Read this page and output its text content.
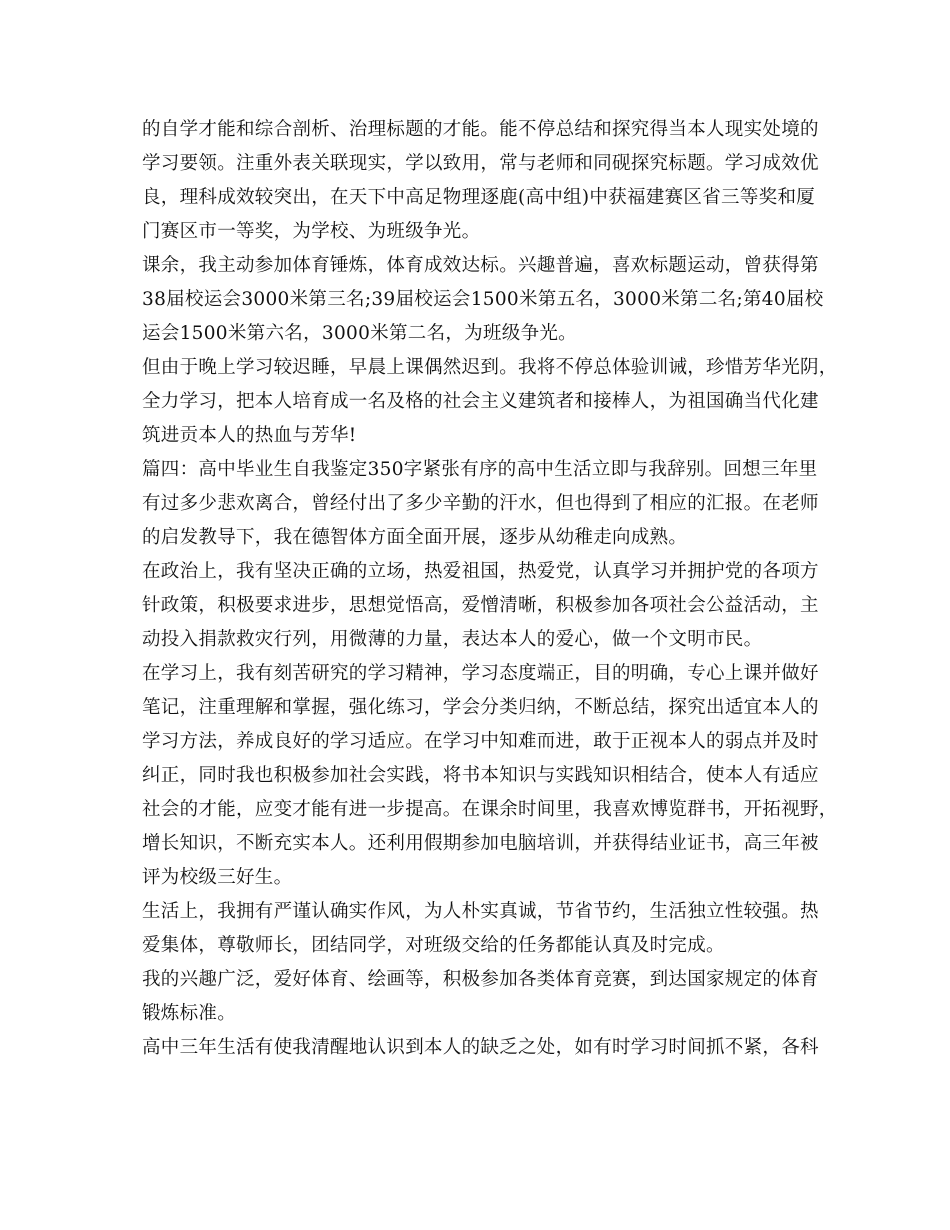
的自学才能和综合剖析、治理标题的才能。能不停总结和探究得当本人现实处境的
学习要领。注重外表关联现实，学以致用，常与老师和同砚探究标题。学习成效优
良，理科成效较突出，在天下中高足物理逐鹿(高中组)中获福建赛区省三等奖和厦
门赛区市一等奖，为学校、为班级争光。
课余，我主动参加体育锤炼，体育成效达标。兴趣普遍，喜欢标题运动，曾获得第
38届校运会3000米第三名;39届校运会1500米第五名，3000米第二名;第40届校
运会1500米第六名，3000米第二名，为班级争光。
但由于晚上学习较迟睡，早晨上课偶然迟到。我将不停总体验训诫，珍惜芳华光阴，
全力学习，把本人培育成一名及格的社会主义建筑者和接棒人，为祖国确当代化建
筑进贡本人的热血与芳华!
篇四：高中毕业生自我鉴定350字紧张有序的高中生活立即与我辞别。回想三年里
有过多少悲欢离合，曾经付出了多少辛勤的汗水，但也得到了相应的汇报。在老师
的启发教导下，我在德智体方面全面开展，逐步从幼稚走向成熟。
在政治上，我有坚决正确的立场，热爱祖国，热爱党，认真学习并拥护党的各项方
针政策，积极要求进步，思想觉悟高，爱憎清晰，积极参加各项社会公益活动，主
动投入捐款救灾行列，用微薄的力量，表达本人的爱心，做一个文明市民。
在学习上，我有刻苦研究的学习精神，学习态度端正，目的明确，专心上课并做好
笔记，注重理解和掌握，强化练习，学会分类归纳，不断总结，探究出适宜本人的
学习方法，养成良好的学习适应。在学习中知难而进，敢于正视本人的弱点并及时
纠正，同时我也积极参加社会实践，将书本知识与实践知识相结合，使本人有适应
社会的才能，应变才能有进一步提高。在课余时间里，我喜欢博览群书，开拓视野，
增长知识，不断充实本人。还利用假期参加电脑培训，并获得结业证书，高三年被
评为校级三好生。
生活上，我拥有严谨认确实作风，为人朴实真诚，节省节约，生活独立性较强。热
爱集体，尊敬师长，团结同学，对班级交给的任务都能认真及时完成。
我的兴趣广泛，爱好体育、绘画等，积极参加各类体育竞赛，到达国家规定的体育
锻炼标准。
高中三年生活有使我清醒地认识到本人的缺乏之处，如有时学习时间抓不紧，各科
